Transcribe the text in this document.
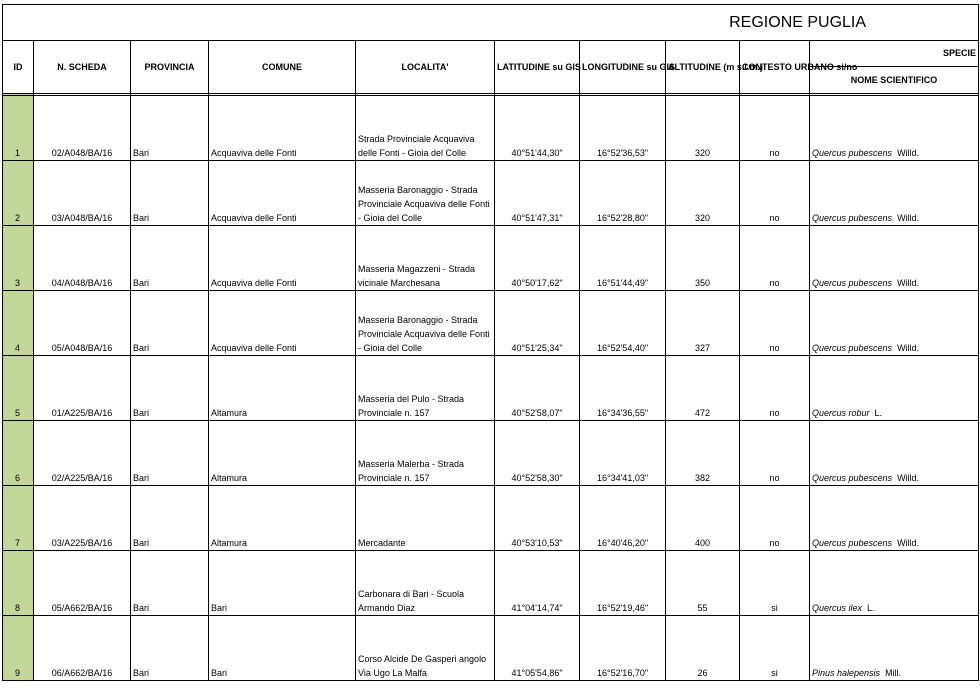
REGIONE PUGLIA									
ID	N. SCHEDA	PROVINCIA	COMUNE	LOCALITA'	LATITUDINE su GIS	LONGITUDINE su GIS	ALTITUDINE (m s.l.m.)	CONTESTO URBANO si/no	SPECIE
									NOME SCIENTIFICO

1	02/A048/BA/16	Bari	Acquaviva delle Fonti	Strada Provinciale Acquaviva delle Fonti - Gioia del Colle	40°51'44,30"	16°52'36,53"	320	no	Quercus pubescens Willd.
2	03/A048/BA/16	Bari	Acquaviva delle Fonti	Masseria Baronaggio - Strada Provinciale Acquaviva delle Fonti - Gioia del Colle	40°51'47,31"	16°52'28,80"	320	no	Quercus pubescens Willd.
3	04/A048/BA/16	Bari	Acquaviva delle Fonti	Masseria Magazzeni - Strada vicinale Marchesana	40°50'17,62"	16°51'44,49"	350	no	Quercus pubescens Willd.
4	05/A048/BA/16	Bari	Acquaviva delle Fonti	Masseria Baronaggio - Strada Provinciale Acquaviva delle Fonti - Gioia del Colle	40°51'25,34"	16°52'54,40"	327	no	Quercus pubescens Willd.
5	01/A225/BA/16	Bari	Altamura	Masseria del Pulo - Strada Provinciale n. 157	40°52'58,07"	16°34'36,55"	472	no	Quercus robur L.
6	02/A225/BA/16	Bari	Altamura	Masseria Malerba - Strada Provinciale n. 157	40°52'58,30"	16°34'41,03"	382	no	Quercus pubescens Willd.
7	03/A225/BA/16	Bari	Altamura	Mercadante	40°53'10,53"	16°40'46,20"	400	no	Quercus pubescens Willd.
8	05/A662/BA/16	Bari	Bari	Carbonara di Bari - Scuola Armando Diaz	41°04'14,74"	16°52'19,46"	55	si	Quercus ilex L.
9	06/A662/BA/16	Bari	Bari	Corso Alcide De Gasperi angolo Via Ugo La Malfa	41°05'54,86"	16°52'16,70"	26	si	Pinus halepensis Mill.
